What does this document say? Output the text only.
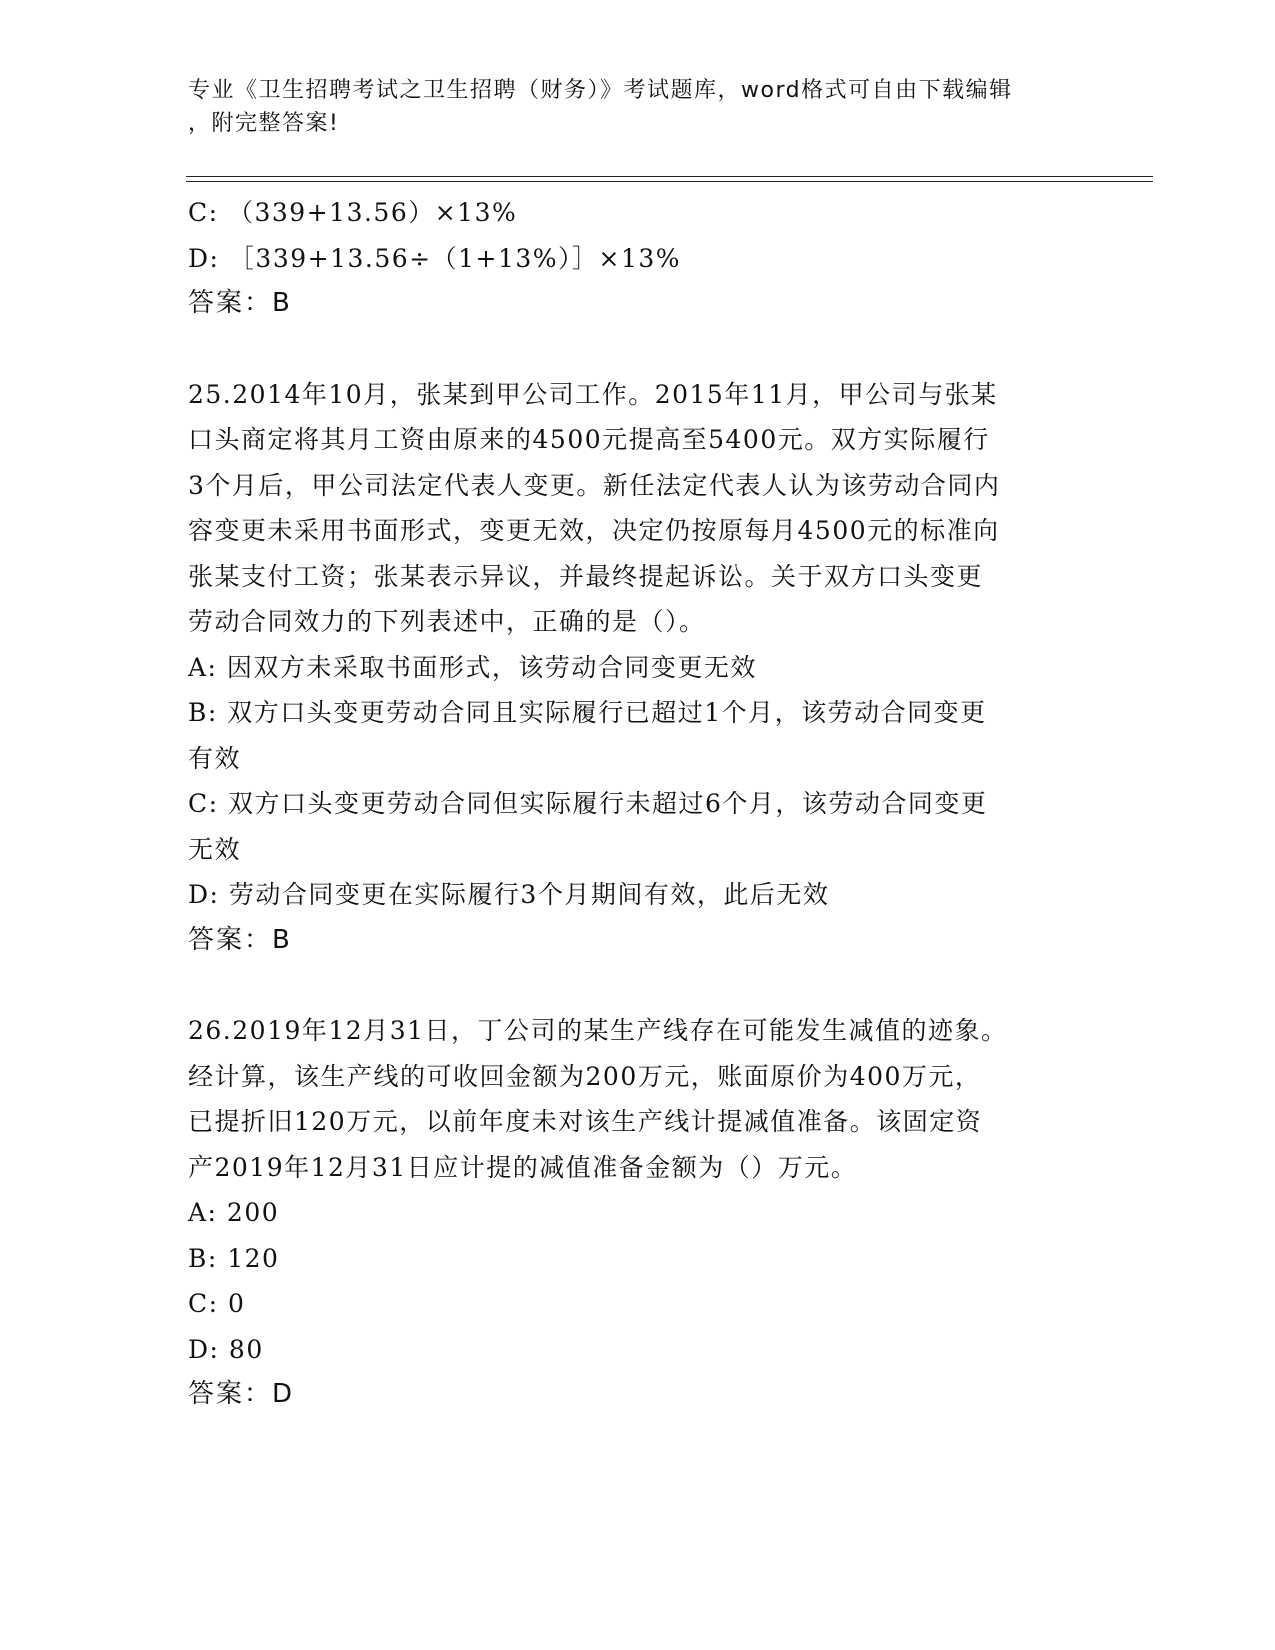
专业《卫生招聘考试之卫生招聘（财务）》考试题库，word格式可自由下载编辑
，附完整答案!
C: （339+13.56）×13%
D: ［339+13.56÷（1+13%）］×13%
答案：B
25.2014年10月，张某到甲公司工作。2015年11月，甲公司与张某
口头商定将其月工资由原来的4500元提高至5400元。双方实际履行
3个月后，甲公司法定代表人变更。新任法定代表人认为该劳动合同内
容变更未采用书面形式，变更无效，决定仍按原每月4500元的标准向
张某支付工资；张某表示异议，并最终提起诉讼。关于双方口头变更
劳动合同效力的下列表述中，正确的是（）。
A: 因双方未采取书面形式，该劳动合同变更无效
B: 双方口头变更劳动合同且实际履行已超过1个月，该劳动合同变更
有效
C: 双方口头变更劳动合同但实际履行未超过6个月，该劳动合同变更
无效
D: 劳动合同变更在实际履行3个月期间有效，此后无效
答案：B
26.2019年12月31日，丁公司的某生产线存在可能发生减值的迹象。
经计算，该生产线的可收回金额为200万元，账面原价为400万元，
已提折旧120万元，以前年度未对该生产线计提减值准备。该固定资
产2019年12月31日应计提的减值准备金额为（）万元。
A: 200
B: 120
C: 0
D: 80
答案：D
